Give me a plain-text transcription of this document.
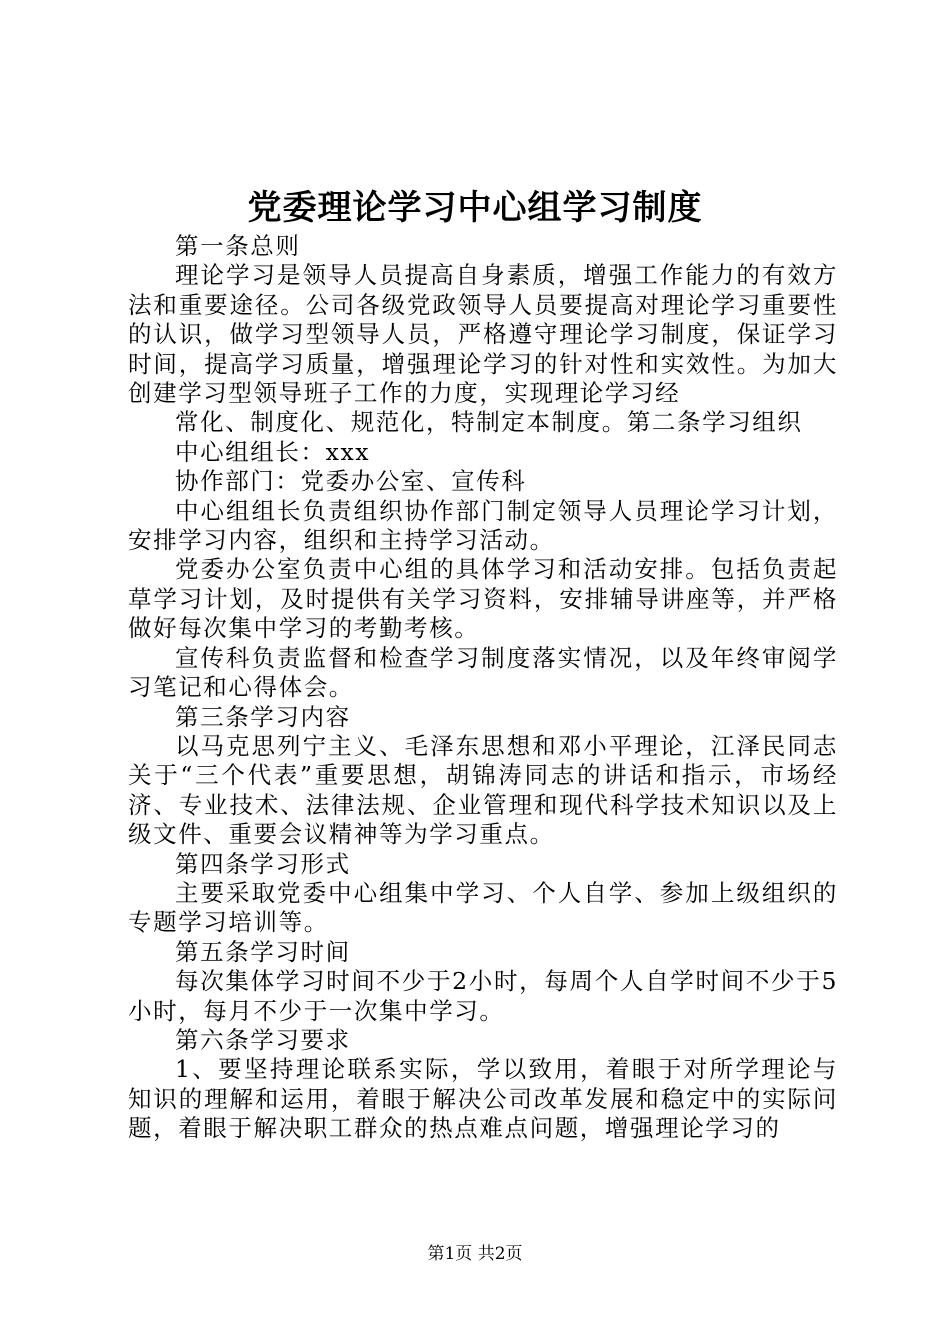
党委理论学习中心组学习制度

第一条总则

理论学习是领导人员提高自身素质，增强工作能力的有效方法和重要途径。公司各级党政领导人员要提高对理论学习重要性的认识，做学习型领导人员，严格遵守理论学习制度，保证学习时间，提高学习质量，增强理论学习的针对性和实效性。为加大创建学习型领导班子工作的力度，实现理论学习经

常化、制度化、规范化，特制定本制度。第二条学习组织

中心组组长：xxx

协作部门：党委办公室、宣传科

中心组组长负责组织协作部门制定领导人员理论学习计划，安排学习内容，组织和主持学习活动。

党委办公室负责中心组的具体学习和活动安排。包括负责起草学习计划，及时提供有关学习资料，安排辅导讲座等，并严格做好每次集中学习的考勤考核。

宣传科负责监督和检查学习制度落实情况，以及年终审阅学习笔记和心得体会。

第三条学习内容

以马克思列宁主义、毛泽东思想和邓小平理论，江泽民同志关于“三个代表”重要思想，胡锦涛同志的讲话和指示，市场经济、专业技术、法律法规、企业管理和现代科学技术知识以及上级文件、重要会议精神等为学习重点。

第四条学习形式

主要采取党委中心组集中学习、个人自学、参加上级组织的专题学习培训等。

第五条学习时间

每次集体学习时间不少于2小时，每周个人自学时间不少于5小时，每月不少于一次集中学习。

第六条学习要求

1、要坚持理论联系实际，学以致用，着眼于对所学理论与知识的理解和运用，着眼于解决公司改革发展和稳定中的实际问题，着眼于解决职工群众的热点难点问题，增强理论学习的

第1页 共2页
